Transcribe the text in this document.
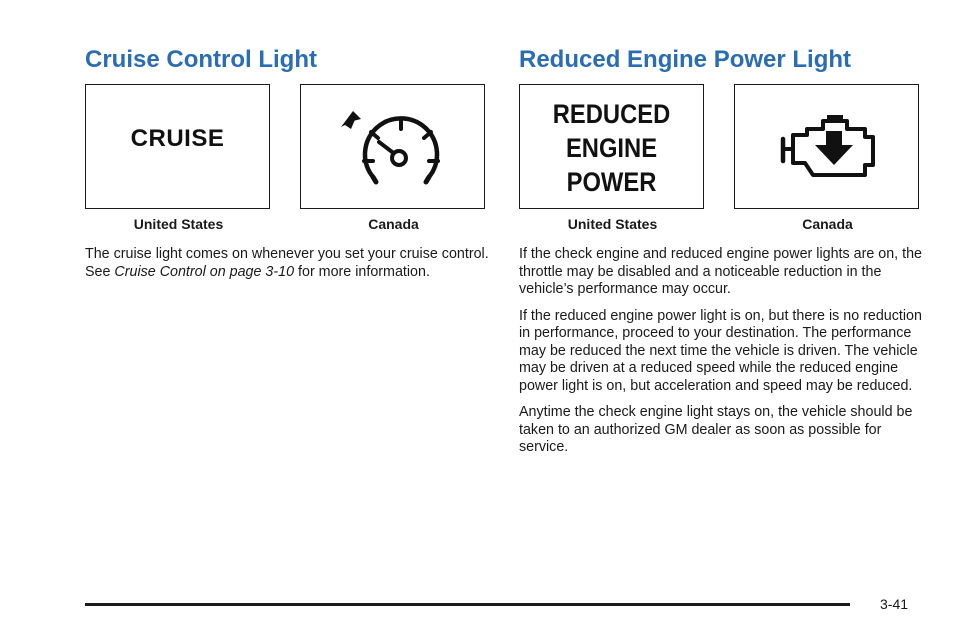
Cruise Control Light
CRUISE
United States	Canada

The cruise light comes on whenever you set your cruise control. See Cruise Control on page 3-10 for more information.

Reduced Engine Power Light
REDUCED
ENGINE
POWER
United States	Canada

If the check engine and reduced engine power lights are on, the throttle may be disabled and a noticeable reduction in the vehicle’s performance may occur.

If the reduced engine power light is on, but there is no reduction in performance, proceed to your destination. The performance may be reduced the next time the vehicle is driven. The vehicle may be driven at a reduced speed while the reduced engine power light is on, but acceleration and speed may be reduced.

Anytime the check engine light stays on, the vehicle should be taken to an authorized GM dealer as soon as possible for service.

3-41
